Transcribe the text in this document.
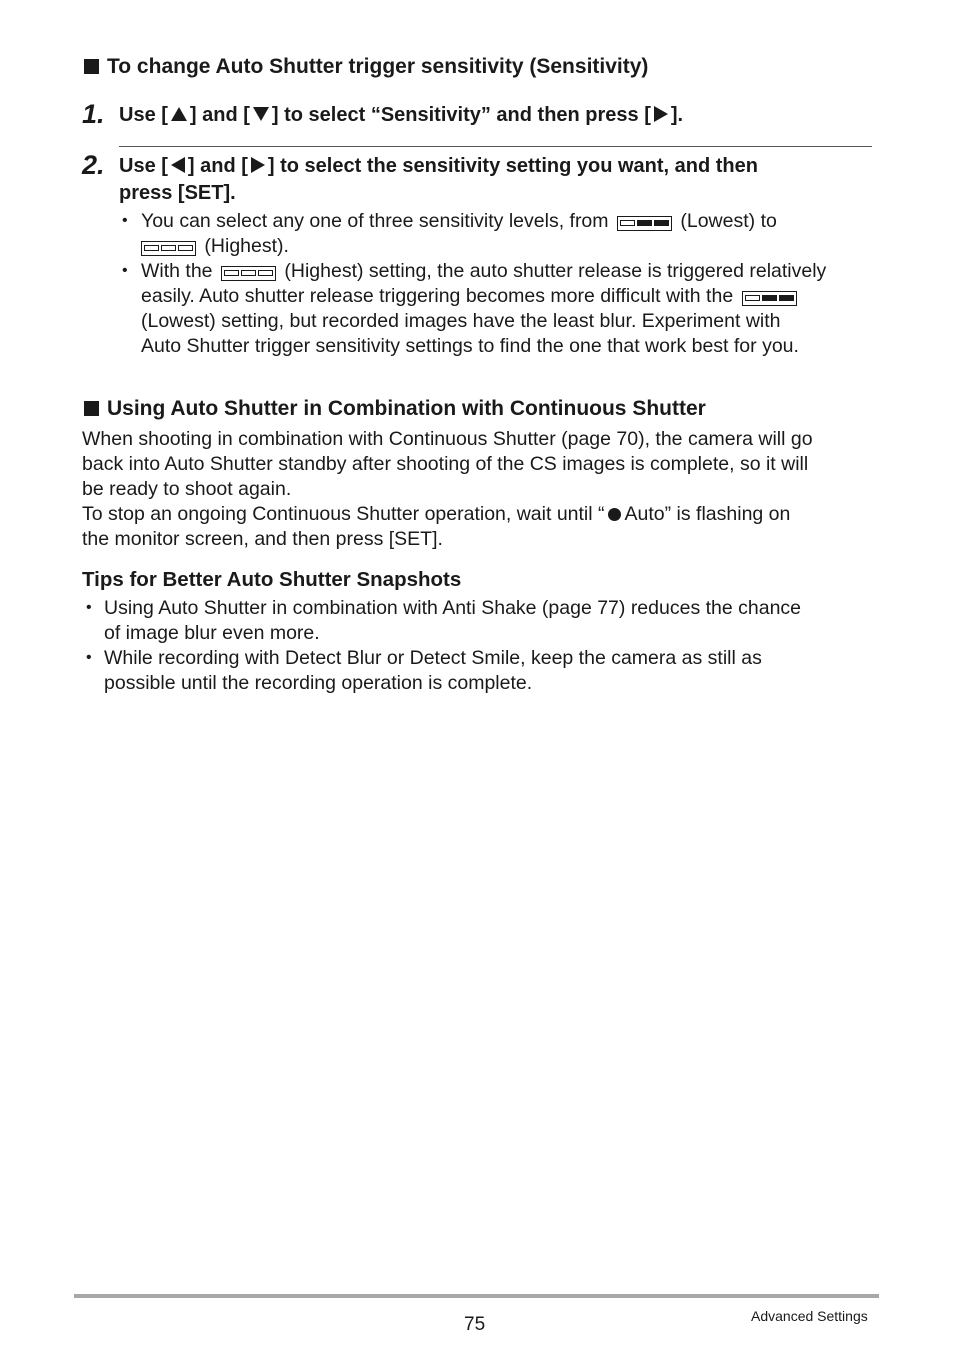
To change Auto Shutter trigger sensitivity (Sensitivity)
1. Use [ ] and [ ] to select “Sensitivity” and then press [ ].
2. Use [ ] and [ ] to select the sensitivity setting you want, and then
press [SET].
• You can select any one of three sensitivity levels, from	(Lowest) to
(Highest).
• With the	(Highest) setting, the auto shutter release is triggered relatively
easily. Auto shutter release triggering becomes more difficult with the
(Lowest) setting, but recorded images have the least blur. Experiment with
Auto Shutter trigger sensitivity settings to find the one that work best for you.
Using Auto Shutter in Combination with Continuous Shutter
When shooting in combination with Continuous Shutter (page 70), the camera will go
back into Auto Shutter standby after shooting of the CS images is complete, so it will
be ready to shoot again.
To stop an ongoing Continuous Shutter operation, wait until “ Auto” is flashing on
the monitor screen, and then press [SET].
Tips for Better Auto Shutter Snapshots
• Using Auto Shutter in combination with Anti Shake (page 77) reduces the chance
of image blur even more.
• While recording with Detect Blur or Detect Smile, keep the camera as still as
possible until the recording operation is complete.
75	Advanced Settings
